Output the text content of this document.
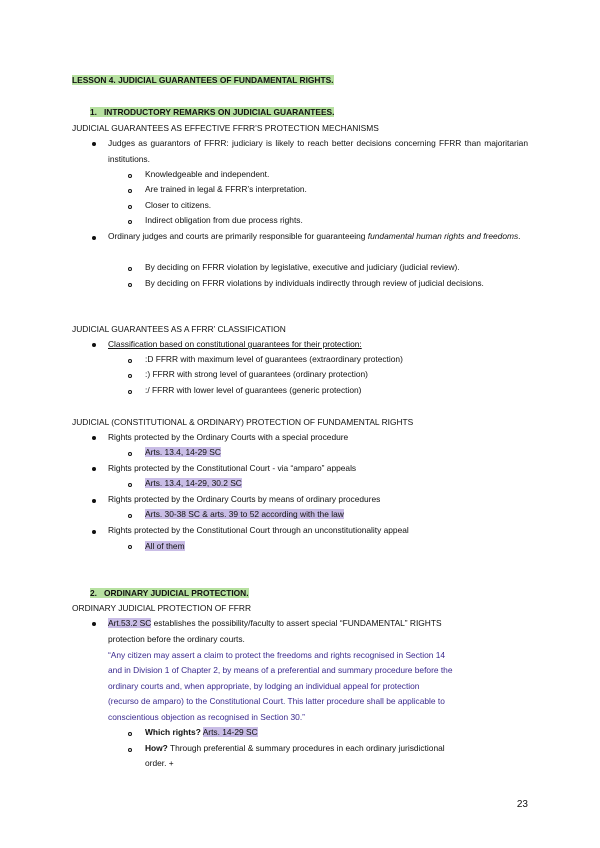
LESSON 4. JUDICIAL GUARANTEES OF FUNDAMENTAL RIGHTS.
1. INTRODUCTORY REMARKS ON JUDICIAL GUARANTEES.
JUDICIAL GUARANTEES AS EFFECTIVE FFRR’S PROTECTION MECHANISMS
Judges as guarantors of FFRR: judiciary is likely to reach better decisions concerning FFRR than majoritarian institutions.
Knowledgeable and independent.
Are trained in legal & FFRR’s interpretation.
Closer to citizens.
Indirect obligation from due process rights.
Ordinary judges and courts are primarily responsible for guaranteeing fundamental human rights and freedoms.
By deciding on FFRR violation by legislative, executive and judiciary (judicial review).
By deciding on FFRR violations by individuals indirectly through review of judicial decisions.
JUDICIAL GUARANTEES AS A FFRR’ CLASSIFICATION
Classification based on constitutional guarantees for their protection:
:D FFRR with maximum level of guarantees (extraordinary protection)
:) FFRR with strong level of guarantees (ordinary protection)
:/ FFRR with lower level of guarantees (generic protection)
JUDICIAL (CONSTITUTIONAL & ORDINARY) PROTECTION OF FUNDAMENTAL RIGHTS
Rights protected by the Ordinary Courts with a special procedure
Arts. 13.4, 14-29 SC
Rights protected by the Constitutional Court - via “amparo” appeals
Arts. 13.4, 14-29, 30.2 SC
Rights protected by the Ordinary Courts by means of ordinary procedures
Arts. 30-38 SC & arts. 39 to 52 according with the law
Rights protected by the Constitutional Court through an unconstitutionality appeal
All of them
2. ORDINARY JUDICIAL PROTECTION.
ORDINARY JUDICIAL PROTECTION OF FFRR
Art.53.2 SC establishes the possibility/faculty to assert special “FUNDAMENTAL” RIGHTS
protection before the ordinary courts.
“Any citizen may assert a claim to protect the freedoms and rights recognised in Section 14
and in Division 1 of Chapter 2, by means of a preferential and summary procedure before the
ordinary courts and, when appropriate, by lodging an individual appeal for protection
(recurso de amparo) to the Constitutional Court. This latter procedure shall be applicable to
conscientious objection as recognised in Section 30.”
Which rights? Arts. 14-29 SC
How? Through preferential & summary procedures in each ordinary jurisdictional
order. +
23
